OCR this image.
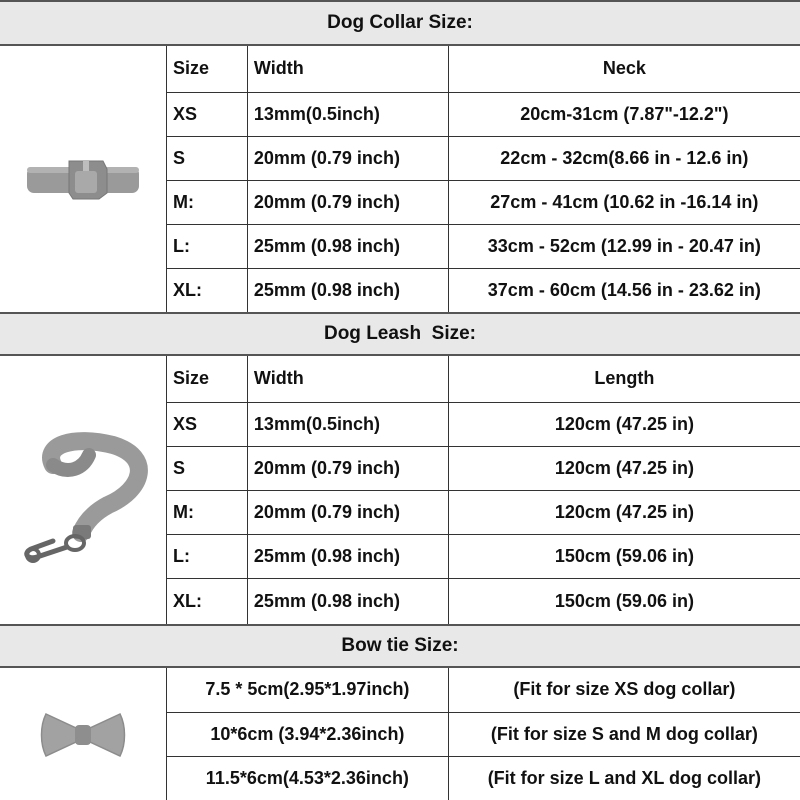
Dog Collar Size:
Size	Width	Neck
XS	13mm(0.5inch)	20cm-31cm (7.87"-12.2")
S	20mm (0.79 inch)	22cm - 32cm(8.66 in - 12.6 in)
M:	20mm (0.79 inch)	27cm - 41cm (10.62 in -16.14 in)
L:	25mm (0.98 inch)	33cm - 52cm (12.99 in - 20.47 in)
XL:	25mm (0.98 inch)	37cm - 60cm (14.56 in - 23.62 in)
Dog Leash  Size:
Size	Width	Length
XS	13mm(0.5inch)	120cm (47.25 in)
S	20mm (0.79 inch)	120cm (47.25 in)
M:	20mm (0.79 inch)	120cm (47.25 in)
L:	25mm (0.98 inch)	150cm (59.06 in)
XL:	25mm (0.98 inch)	150cm (59.06 in)
Bow tie Size:
7.5 * 5cm(2.95*1.97inch)	(Fit for size XS dog collar)
10*6cm (3.94*2.36inch)	(Fit for size S and M dog collar)
11.5*6cm(4.53*2.36inch)	(Fit for size L and XL dog collar)
